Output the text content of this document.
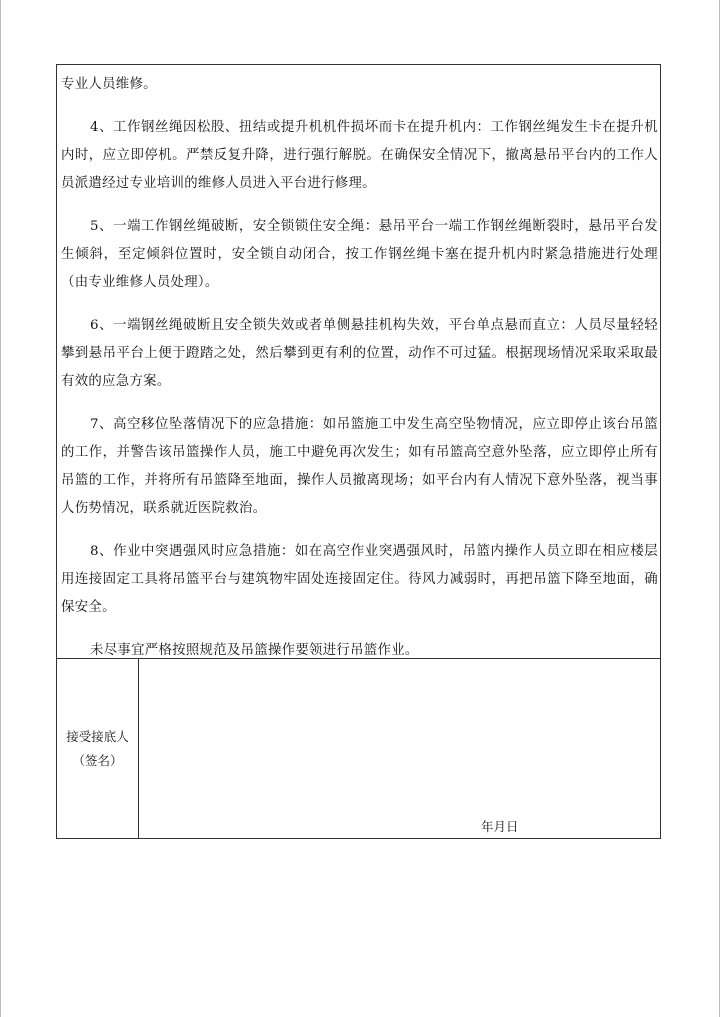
专业人员维修。

4、工作钢丝绳因松股、扭结或提升机机件损坏而卡在提升机内：工作钢丝绳发生卡在提升机内时，应立即停机。严禁反复升降，进行强行解脱。在确保安全情况下，撤离悬吊平台内的工作人员派遣经过专业培训的维修人员进入平台进行修理。

5、一端工作钢丝绳破断，安全锁锁住安全绳：悬吊平台一端工作钢丝绳断裂时，悬吊平台发生倾斜，至定倾斜位置时，安全锁自动闭合，按工作钢丝绳卡塞在提升机内时紧急措施进行处理（由专业维修人员处理）。

6、一端钢丝绳破断且安全锁失效或者单侧悬挂机构失效，平台单点悬而直立：人员尽量轻轻攀到悬吊平台上便于蹬踏之处，然后攀到更有利的位置，动作不可过猛。根据现场情况采取采取最有效的应急方案。

7、高空移位坠落情况下的应急措施：如吊篮施工中发生高空坠物情况，应立即停止该台吊篮的工作，并警告该吊篮操作人员，施工中避免再次发生；如有吊篮高空意外坠落，应立即停止所有吊篮的工作，并将所有吊篮降至地面，操作人员撤离现场；如平台内有人情况下意外坠落，视当事人伤势情况，联系就近医院救治。

8、作业中突遇强风时应急措施：如在高空作业突遇强风时，吊篮内操作人员立即在相应楼层用连接固定工具将吊篮平台与建筑物牢固处连接固定住。待风力减弱时，再把吊篮下降至地面，确保安全。

未尽事宜严格按照规范及吊篮操作要领进行吊篮作业。

接受接底人
（签名）
年月日
